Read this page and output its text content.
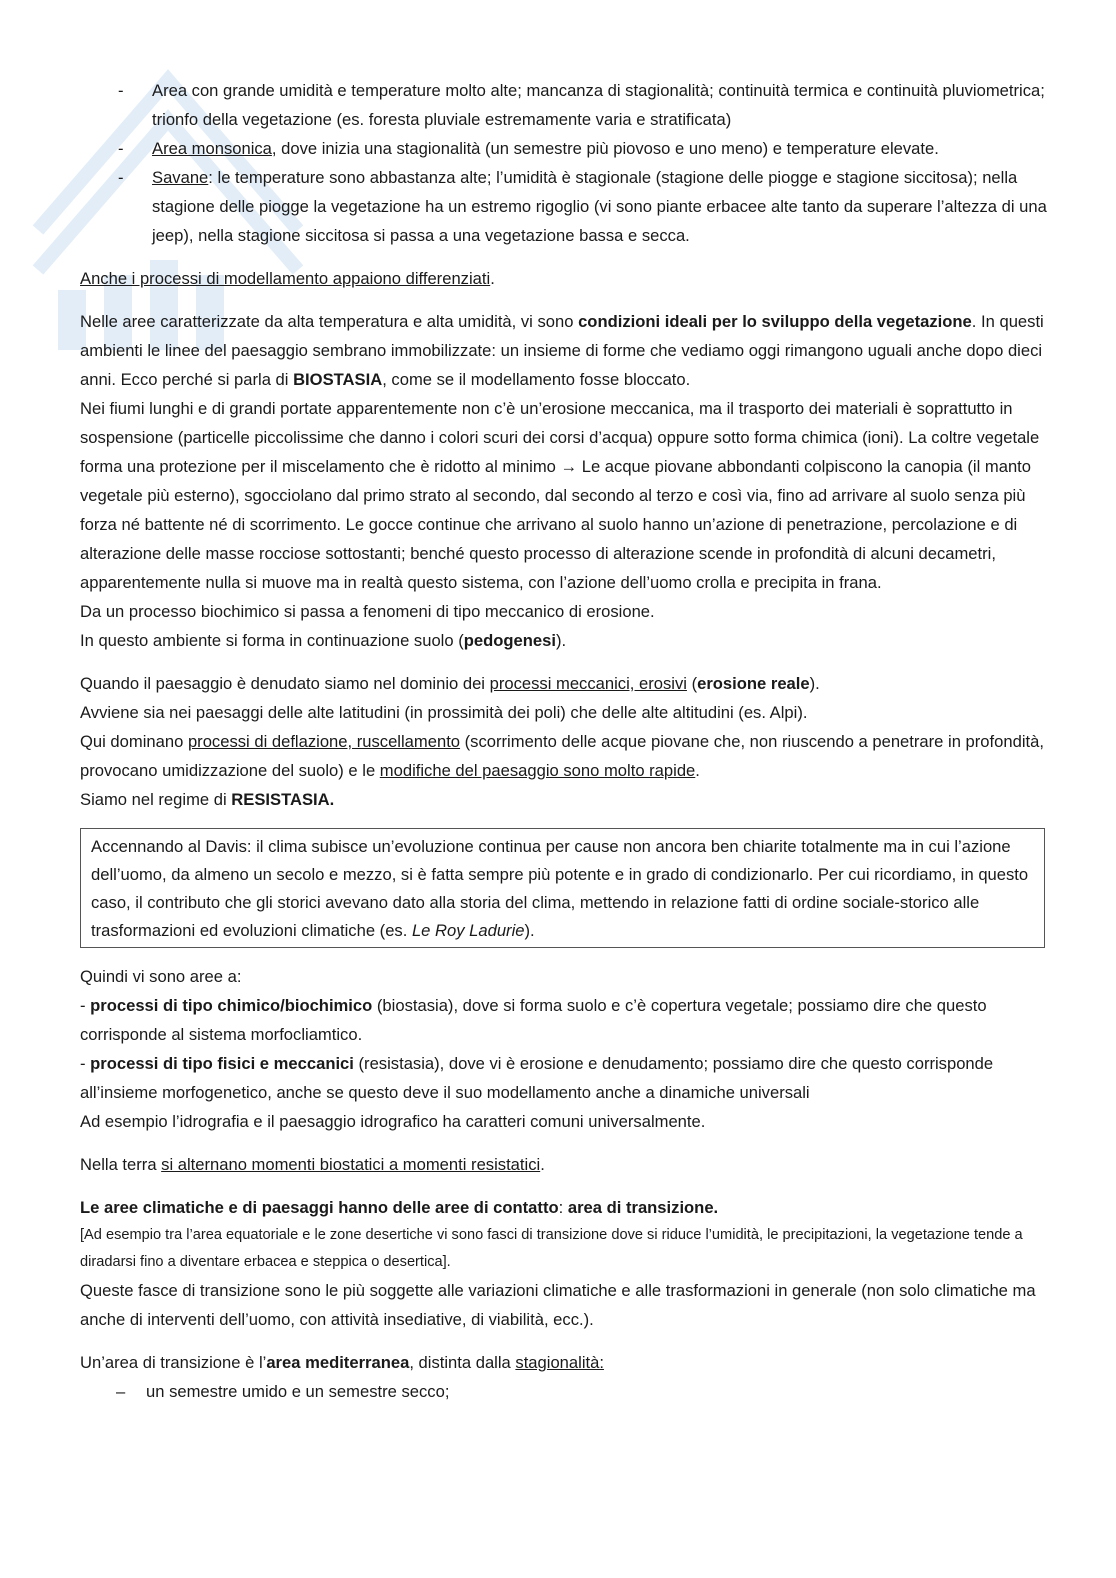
- Area con grande umidità e temperature molto alte; mancanza di stagionalità; continuità termica e continuità pluviometrica; trionfo della vegetazione (es. foresta pluviale estremamente varia e stratificata)
- Area monsonica, dove inizia una stagionalità (un semestre più piovoso e uno meno) e temperature elevate.
- Savane: le temperature sono abbastanza alte; l’umidità è stagionale (stagione delle piogge e stagione siccitosa); nella stagione delle piogge la vegetazione ha un estremo rigoglio (vi sono piante erbacee alte tanto da superare l’altezza di una jeep), nella stagione siccitosa si passa a una vegetazione bassa e secca.

Anche i processi di modellamento appaiono differenziati.

Nelle aree caratterizzate da alta temperatura e alta umidità, vi sono condizioni ideali per lo sviluppo della vegetazione. In questi ambienti le linee del paesaggio sembrano immobilizzate: un insieme di forme che vediamo oggi rimangono uguali anche dopo dieci anni. Ecco perché si parla di BIOSTASIA, come se il modellamento fosse bloccato.

Nei fiumi lunghi e di grandi portate apparentemente non c’è un’erosione meccanica, ma il trasporto dei materiali è soprattutto in sospensione (particelle piccolissime che danno i colori scuri dei corsi d’acqua) oppure sotto forma chimica (ioni). La coltre vegetale forma una protezione per il miscelamento che è ridotto al minimo → Le acque piovane abbondanti colpiscono la canopia (il manto vegetale più esterno), sgocciolano dal primo strato al secondo, dal secondo al terzo e così via, fino ad arrivare al suolo senza più forza né battente né di scorrimento. Le gocce continue che arrivano al suolo hanno un’azione di penetrazione, percolazione e di alterazione delle masse rocciose sottostanti; benché questo processo di alterazione scende in profondità di alcuni decametri, apparentemente nulla si muove ma in realtà questo sistema, con l’azione dell’uomo crolla e precipita in frana.

Da un processo biochimico si passa a fenomeni di tipo meccanico di erosione.

In questo ambiente si forma in continuazione suolo (pedogenesi).

Quando il paesaggio è denudato siamo nel dominio dei processi meccanici, erosivi (erosione reale).

Avviene sia nei paesaggi delle alte latitudini (in prossimità dei poli) che delle alte altitudini (es. Alpi).

Qui dominano processi di deflazione, ruscellamento (scorrimento delle acque piovane che, non riuscendo a penetrare in profondità, provocano umidizzazione del suolo) e le modifiche del paesaggio sono molto rapide.

Siamo nel regime di RESISTASIA.

Accennando al Davis: il clima subisce un’evoluzione continua per cause non ancora ben chiarite totalmente ma in cui l’azione dell’uomo, da almeno un secolo e mezzo, si è fatta sempre più potente e in grado di condizionarlo. Per cui ricordiamo, in questo caso, il contributo che gli storici avevano dato alla storia del clima, mettendo in relazione fatti di ordine sociale-storico alle trasformazioni ed evoluzioni climatiche (es. Le Roy Ladurie).

Quindi vi sono aree a:

- processi di tipo chimico/biochimico (biostasia), dove si forma suolo e c’è copertura vegetale; possiamo dire che questo corrisponde al sistema morfocliamtico.

- processi di tipo fisici e meccanici (resistasia), dove vi è erosione e denudamento; possiamo dire che questo corrisponde all’insieme morfogenetico, anche se questo deve il suo modellamento anche a dinamiche universali

Ad esempio l’idrografia e il paesaggio idrografico ha caratteri comuni universalmente.

Nella terra si alternano momenti biostatici a momenti resistatici.

Le aree climatiche e di paesaggi hanno delle aree di contatto: area di transizione.

[Ad esempio tra l’area equatoriale e le zone desertiche vi sono fasci di transizione dove si riduce l’umidità, le precipitazioni, la vegetazione tende a diradarsi fino a diventare erbacea e steppica o desertica].

Queste fasce di transizione sono le più soggette alle variazioni climatiche e alle trasformazioni in generale (non solo climatiche ma anche di interventi dell’uomo, con attività insediative, di viabilità, ecc.).

Un’area di transizione è l’area mediterranea, distinta dalla stagionalità:

– un semestre umido e un semestre secco;
